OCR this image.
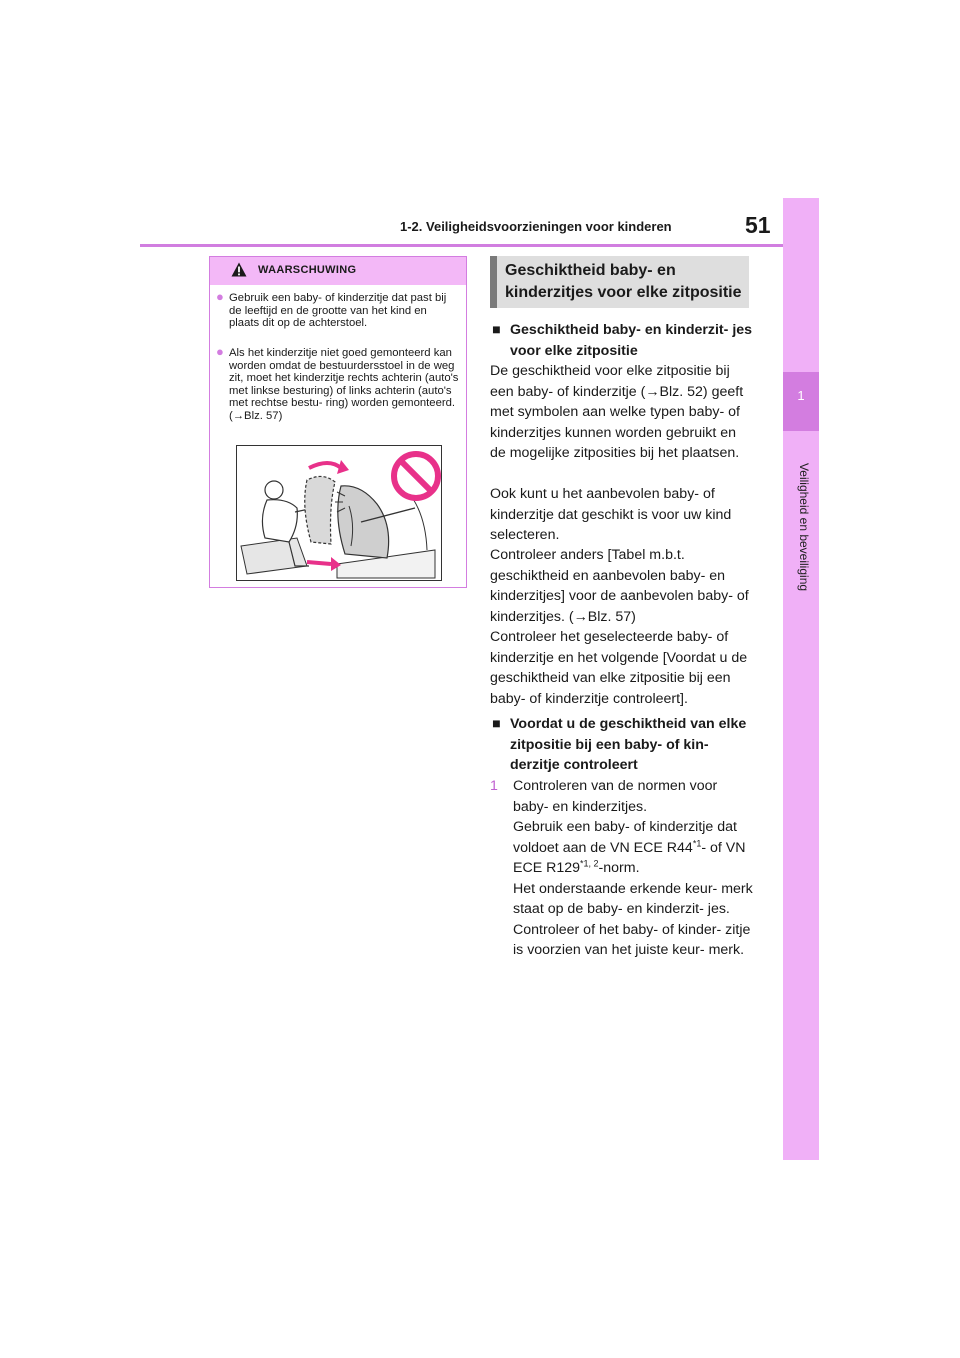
1-2. Veiligheidsvoorzieningen voor kinderen	51
1
Veiligheid en beveiliging
WAARSCHUWING
● Gebruik een baby- of kinderzitje dat past bij de leeftijd en de grootte van het kind en plaats dit op de achterstoel.
● Als het kinderzitje niet goed gemonteerd kan worden omdat de bestuurdersstoel in de weg zit, moet het kinderzitje rechts achterin (auto's met linkse besturing) of links achterin (auto's met rechtse bestu- ring) worden gemonteerd. (→Blz. 57)
Geschiktheid baby- en kinderzitjes voor elke zitpositie
■ Geschiktheid baby- en kinderzit- jes voor elke zitpositie
De geschiktheid voor elke zitpositie bij een baby- of kinderzitje (→Blz. 52) geeft met symbolen aan welke typen baby- of kinderzitjes kunnen worden gebruikt en de mogelijke zitposities bij het plaatsen.
Ook kunt u het aanbevolen baby- of kinderzitje dat geschikt is voor uw kind selecteren.
Controleer anders [Tabel m.b.t. geschiktheid en aanbevolen baby- en kinderzitjes] voor de aanbevolen baby- of kinderzitjes. (→Blz. 57)
Controleer het geselecteerde baby- of kinderzitje en het volgende [Voordat u de geschiktheid van elke zitpositie bij een baby- of kinderzitje controleert].
■ Voordat u de geschiktheid van elke zitpositie bij een baby- of kin- derzitje controleert
1	Controleren van de normen voor baby- en kinderzitjes.
Gebruik een baby- of kinderzitje dat voldoet aan de VN ECE R44$^{*1}$- of VN ECE R129$^{*1, 2}$-norm.
Het onderstaande erkende keur- merk staat op de baby- en kinderzit- jes.
Controleer of het baby- of kinder- zitje is voorzien van het juiste keur- merk.
